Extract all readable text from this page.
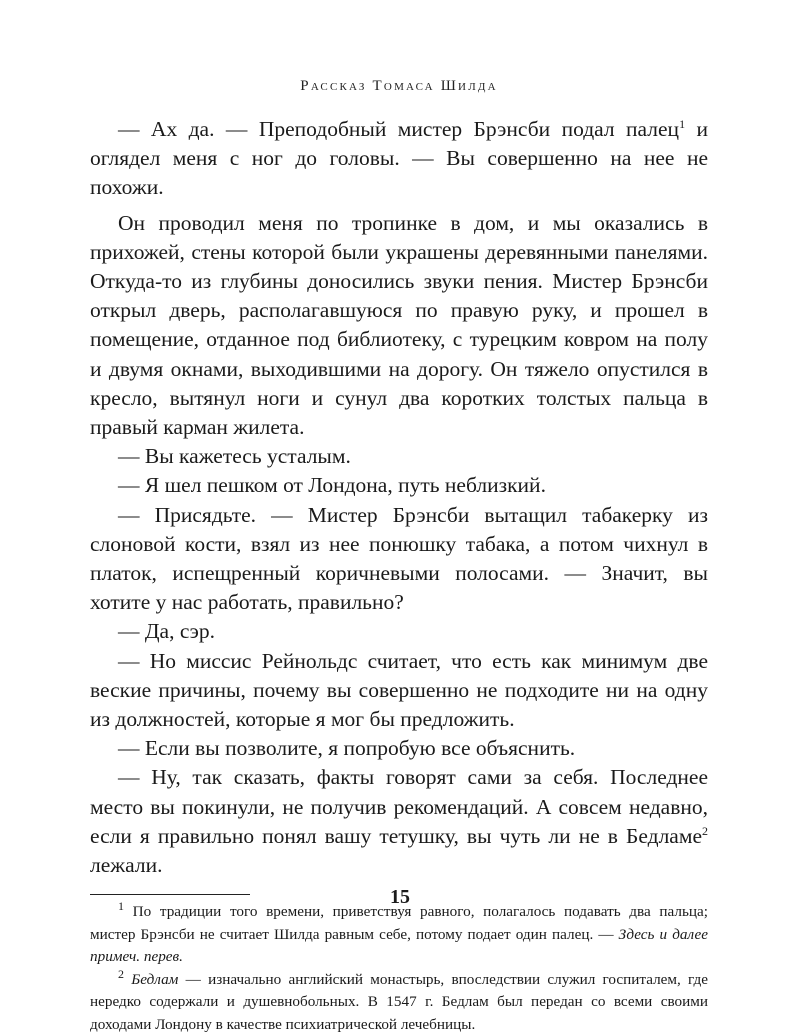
Рассказ Томаса Шилда

— Ах да. — Преподобный мистер Брэнсби подал палец$^1$ и оглядел меня с ног до головы. — Вы совершенно на нее не похожи.

Он проводил меня по тропинке в дом, и мы оказались в прихожей, стены которой были украшены деревянными панелями. Откуда-то из глубины доносились звуки пения. Мистер Брэнсби открыл дверь, располагавшуюся по правую руку, и прошел в помещение, отданное под библиотеку, с турецким ковром на полу и двумя окнами, выходившими на дорогу. Он тяжело опустился в кресло, вытянул ноги и сунул два коротких толстых пальца в правый карман жилета.

— Вы кажетесь усталым.

— Я шел пешком от Лондона, путь неблизкий.

— Присядьте. — Мистер Брэнсби вытащил табакерку из слоновой кости, взял из нее понюшку табака, а потом чихнул в платок, испещренный коричневыми полосами. — Значит, вы хотите у нас работать, правильно?

— Да, сэр.

— Но миссис Рейнольдс считает, что есть как минимум две веские причины, почему вы совершенно не подходите ни на одну из должностей, которые я мог бы предложить.

— Если вы позволите, я попробую все объяснить.

— Ну, так сказать, факты говорят сами за себя. Последнее место вы покинули, не получив рекомендаций. А совсем недавно, если я правильно понял вашу тетушку, вы чуть ли не в Бедламе$^2$ лежали.

$^1$ По традиции того времени, приветствуя равного, полагалось подавать два пальца; мистер Брэнсби не считает Шилда равным себе, потому подает один палец. — Здесь и далее примеч. перев.

$^2$ Бедлам — изначально английский монастырь, впоследствии служил госпиталем, где нередко содержали и душевнобольных. В 1547 г. Бедлам был передан со всеми своими доходами Лондону в качестве психиатрической лечебницы.

15
